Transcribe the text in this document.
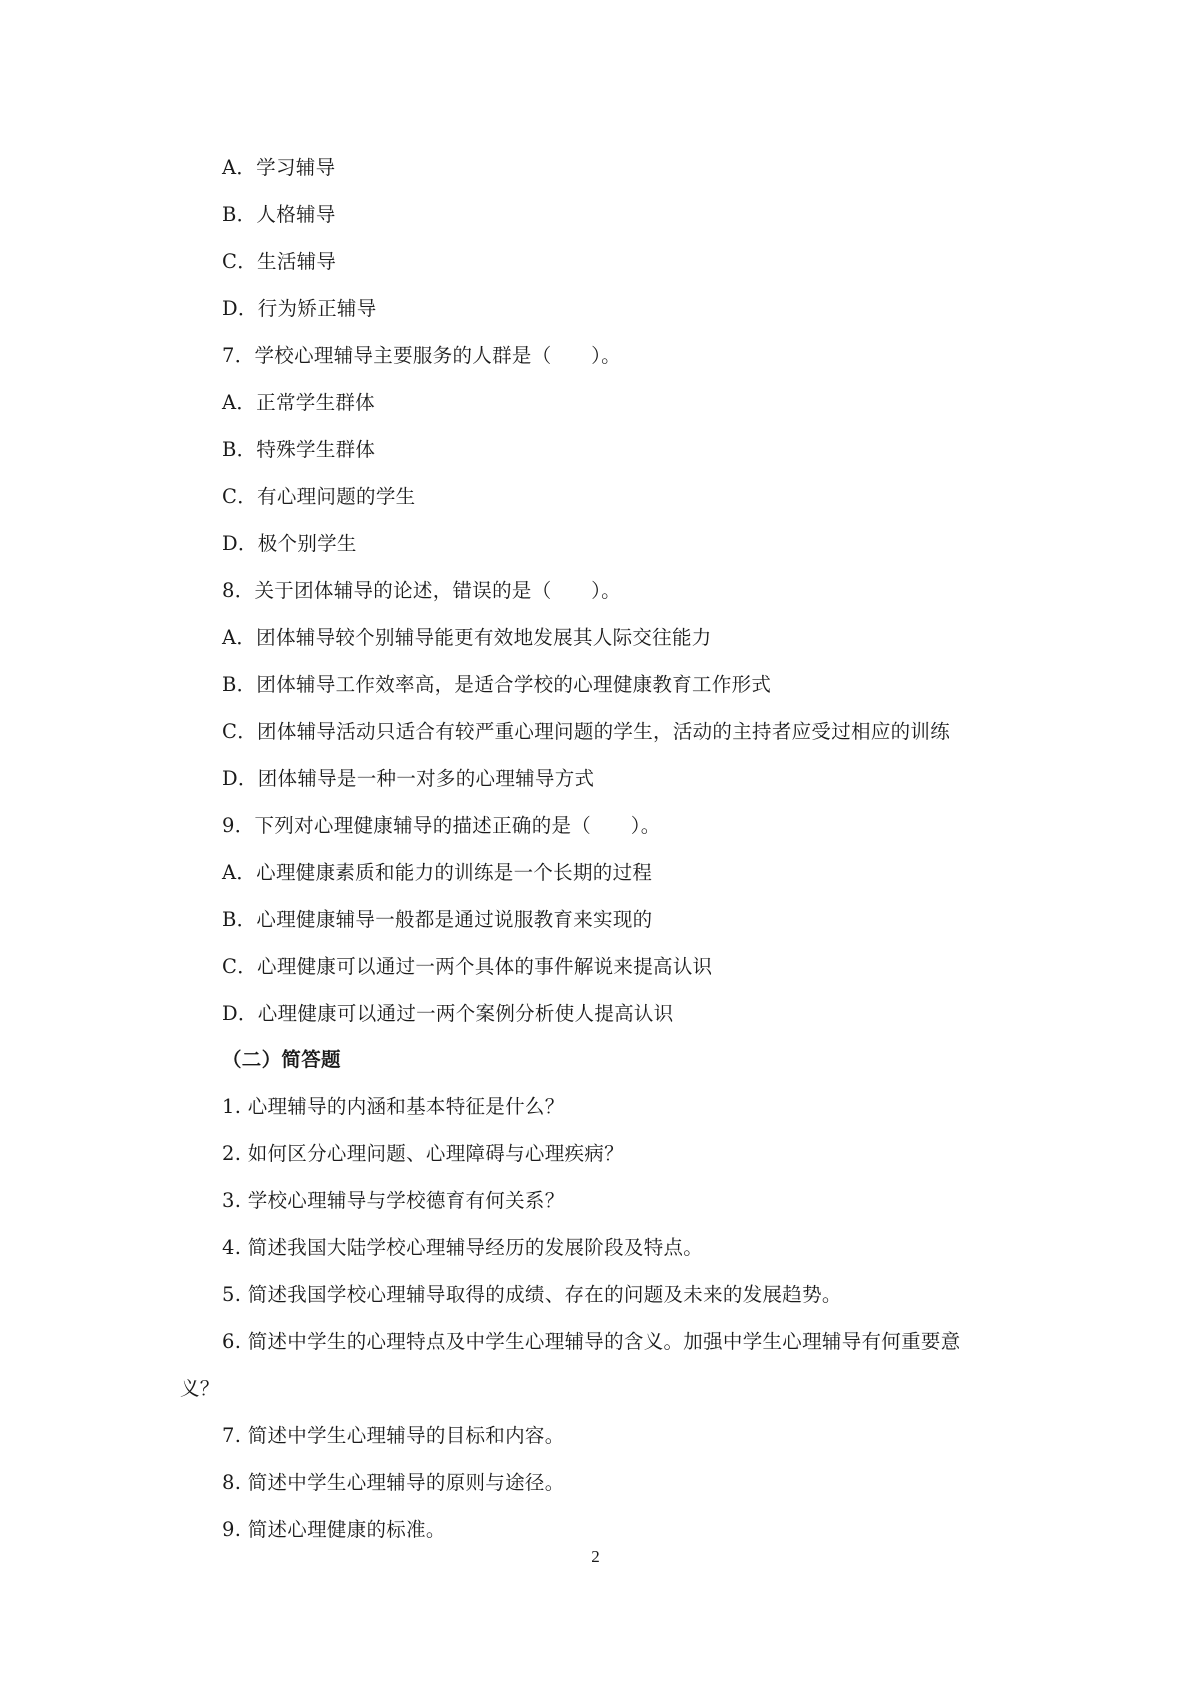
A．学习辅导
B．人格辅导
C．生活辅导
D．行为矫正辅导
7．学校心理辅导主要服务的人群是（　　）。
A．正常学生群体
B．特殊学生群体
C．有心理问题的学生
D．极个别学生
8．关于团体辅导的论述，错误的是（　　）。
A．团体辅导较个别辅导能更有效地发展其人际交往能力
B．团体辅导工作效率高，是适合学校的心理健康教育工作形式
C．团体辅导活动只适合有较严重心理问题的学生，活动的主持者应受过相应的训练
D．团体辅导是一种一对多的心理辅导方式
9．下列对心理健康辅导的描述正确的是（　　）。
A．心理健康素质和能力的训练是一个长期的过程
B．心理健康辅导一般都是通过说服教育来实现的
C．心理健康可以通过一两个具体的事件解说来提高认识
D．心理健康可以通过一两个案例分析使人提高认识
（二）简答题
1. 心理辅导的内涵和基本特征是什么？
2. 如何区分心理问题、心理障碍与心理疾病？
3. 学校心理辅导与学校德育有何关系？
4. 简述我国大陆学校心理辅导经历的发展阶段及特点。
5. 简述我国学校心理辅导取得的成绩、存在的问题及未来的发展趋势。
6. 简述中学生的心理特点及中学生心理辅导的含义。加强中学生心理辅导有何重要意
义？
7. 简述中学生心理辅导的目标和内容。
8. 简述中学生心理辅导的原则与途径。
9. 简述心理健康的标准。
2
